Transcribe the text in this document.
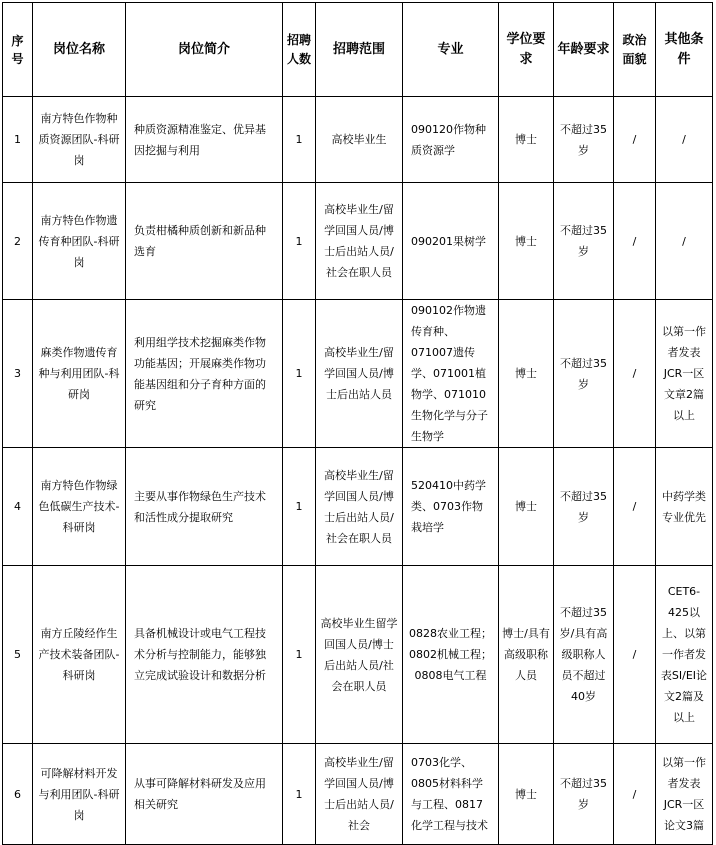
序号	岗位名称	岗位简介	招聘人数	招聘范围	专业	学位要求	年龄要求	政治面貌	其他条件
1	南方特色作物种质资源团队-科研岗	种质资源精准鉴定、优异基因挖掘与利用	1	高校毕业生	090120作物种质资源学	博士	不超过35岁	/	/
2	南方特色作物遗传育种团队-科研岗	负责柑橘种质创新和新品种选育	1	高校毕业生/留学回国人员/博士后出站人员/社会在职人员	090201果树学	博士	不超过35岁	/	/
3	麻类作物遗传育种与利用团队-科研岗	利用组学技术挖掘麻类作物功能基因；开展麻类作物功能基因组和分子育种方面的研究	1	高校毕业生/留学回国人员/博士后出站人员	090102作物遗传育种、071007遗传学、071001植物学、071010生物化学与分子生物学	博士	不超过35岁	/	以第一作者发表JCR一区文章2篇以上
4	南方特色作物绿色低碳生产技术-科研岗	主要从事作物绿色生产技术和活性成分提取研究	1	高校毕业生/留学回国人员/博士后出站人员/社会在职人员	520410中药学类、0703作物栽培学	博士	不超过35岁	/	中药学类专业优先
5	南方丘陵经作生产技术装备团队-科研岗	具备机械设计或电气工程技术分析与控制能力，能够独立完成试验设计和数据分析	1	高校毕业生留学回国人员/博士后出站人员/社会在职人员	0828农业工程；0802机械工程；0808电气工程	博士/具有高级职称人员	不超过35岁/具有高级职称人员不超过40岁	/	CET6-425以上、以第一作者发表SI/EI论文2篇及以上
6	可降解材料开发与利用团队-科研岗	从事可降解材料研发及应用相关研究	1	高校毕业生/留学回国人员/博士后出站人员/社会	0703化学、0805材料科学与工程、0817化学工程与技术	博士	不超过35岁	/	以第一作者发表JCR一区论文3篇
